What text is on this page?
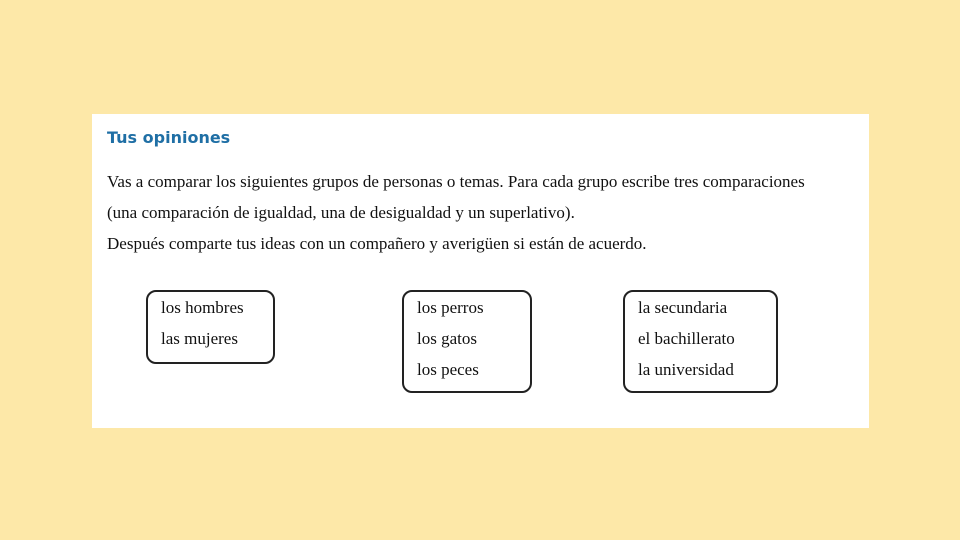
Tus opiniones

Vas a comparar los siguientes grupos de personas o temas. Para cada grupo escribe tres comparaciones

(una comparación de igualdad, una de desigualdad y un superlativo).

Después comparte tus ideas con un compañero y averigüen si están de acuerdo.

los hombres
las mujeres
los perros
los gatos
los peces
la secundaria
el bachillerato
la universidad
